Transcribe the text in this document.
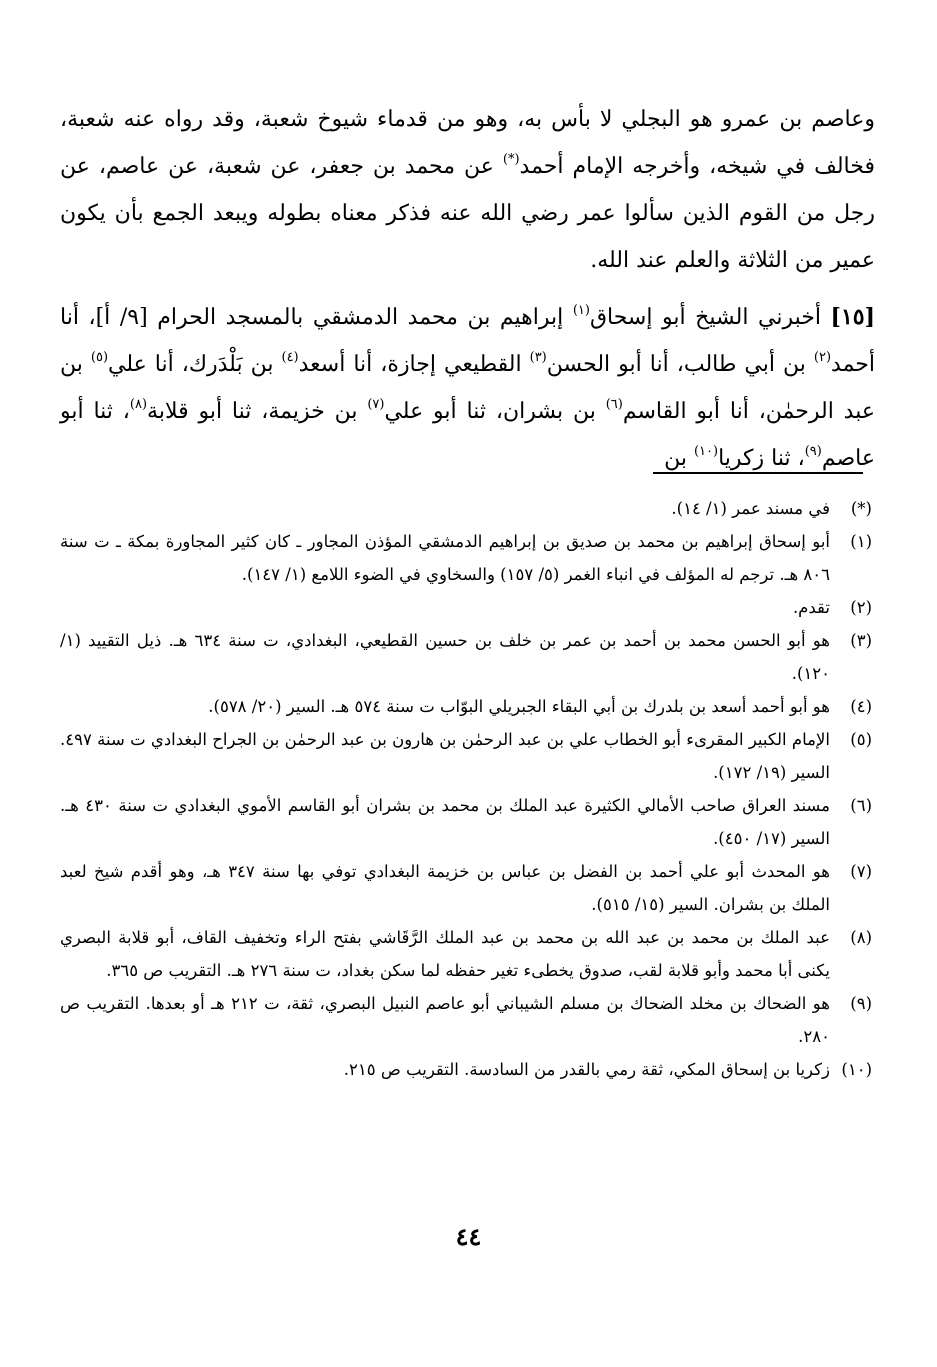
وعاصم بن عمرو هو البجلي لا بأس به، وهو من قدماء شيوخ شعبة، وقد رواه عنه شعبة، فخالف في شيخه، وأخرجه الإمام أحمد(*) عن محمد بن جعفر، عن شعبة، عن عاصم، عن رجل من القوم الذين سألوا عمر رضي الله عنه فذكر معناه بطوله ويبعد الجمع بأن يكون عمير من الثلاثة والعلم عند الله.

[١٥] أخبرني الشيخ أبو إسحاق$^{(١)}$ إبراهيم بن محمد الدمشقي بالمسجد الحرام [٩/ أ]، أنا أحمد$^{(٢)}$ بن أبي طالب، أنا أبو الحسن$^{(٣)}$ القطيعي إجازة، أنا أسعد$^{(٤)}$ بن بَلْدَرك، أنا علي$^{(٥)}$ بن عبد الرحمٰن، أنا أبو القاسم$^{(٦)}$ بن بشران، ثنا أبو علي$^{(٧)}$ بن خزيمة، ثنا أبو قلابة$^{(٨)}$، ثنا أبو عاصم$^{(٩)}$، ثنا زكريا$^{(١٠)}$ بن

(*)
في مسند عمر (١/ ١٤).
(١)
أبو إسحاق إبراهيم بن محمد بن صديق بن إبراهيم الدمشقي المؤذن المجاور ـ كان كثير المجاورة بمكة ـ ت سنة ٨٠٦ هـ. ترجم له المؤلف في انباء الغمر (٥/ ١٥٧) والسخاوي في الضوء اللامع (١/ ١٤٧).
(٢)
تقدم.
(٣)
هو أبو الحسن محمد بن أحمد بن عمر بن خلف بن حسين القطيعي، البغدادي، ت سنة ٦٣٤ هـ. ذيل التقييد (١/ ١٢٠).
(٤)
هو أبو أحمد أسعد بن بلدرك بن أبي البقاء الجبريلي البوّاب ت سنة ٥٧٤ هـ. السير (٢٠/ ٥٧٨).
(٥)
الإمام الكبير المقرىء أبو الخطاب علي بن عبد الرحمٰن بن هارون بن عبد الرحمٰن بن الجراح البغدادي ت سنة ٤٩٧. السير (١٩/ ١٧٢).
(٦)
مسند العراق صاحب الأمالي الكثيرة عبد الملك بن محمد بن بشران أبو القاسم الأموي البغدادي ت سنة ٤٣٠ هـ. السير (١٧/ ٤٥٠).
(٧)
هو المحدث أبو علي أحمد بن الفضل بن عباس بن خزيمة البغدادي توفي بها سنة ٣٤٧ هـ، وهو أقدم شيخ لعبد الملك بن بشران. السير (١٥/ ٥١٥).
(٨)
عبد الملك بن محمد بن عبد الله بن محمد بن عبد الملك الرَّقَاشي بفتح الراء وتخفيف القاف، أبو قلابة البصري يكنى أبا محمد وأبو قلابة لقب، صدوق يخطىء تغير حفظه لما سكن بغداد، ت سنة ٢٧٦ هـ. التقريب ص ٣٦٥.
(٩)
هو الضحاك بن مخلد الضحاك بن مسلم الشيباني أبو عاصم النبيل البصري، ثقة، ت ٢١٢ هـ أو بعدها. التقريب ص ٢٨٠.
(١٠)
زكريا بن إسحاق المكي، ثقة رمي بالقدر من السادسة. التقريب ص ٢١٥.
٤٤
